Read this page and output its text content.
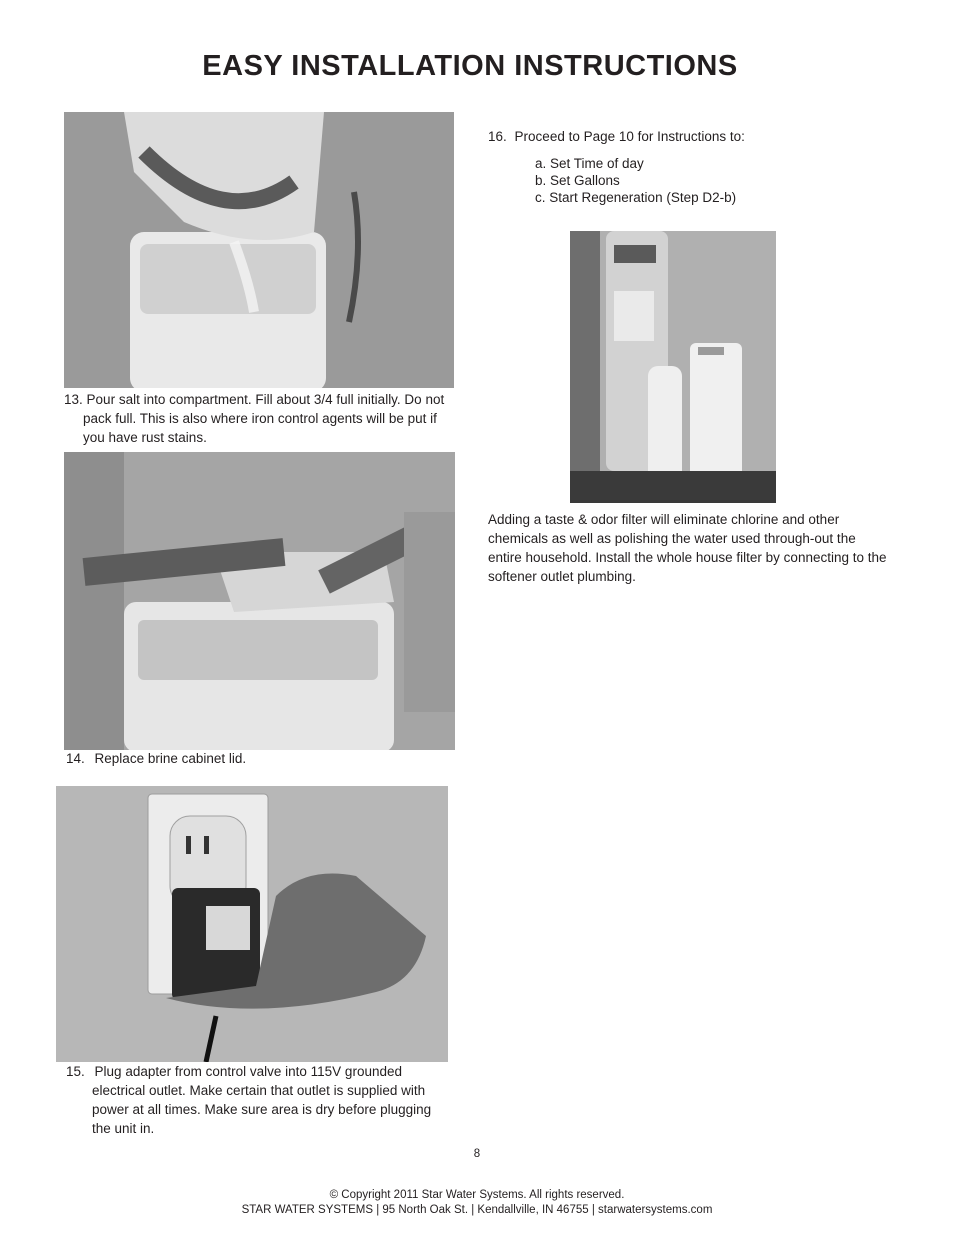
EASY INSTALLATION INSTRUCTIONS
13. Pour salt into compartment. Fill about 3/4 full initially. Do not pack full. This is also where iron control agents will be put if you have rust stains.
14. Replace brine cabinet lid.
15. Plug adapter from control valve into 115V grounded electrical outlet. Make certain that outlet is supplied with power at all times. Make sure area is dry before plugging the unit in.
16. Proceed to Page 10 for Instructions to:
a. Set Time of day
b. Set Gallons
c. Start Regeneration (Step D2-b)

Adding a taste & odor filter will eliminate chlorine and other chemicals as well as polishing the water used through-out the entire household. Install the whole house filter by connecting to the softener outlet plumbing.

8
© Copyright 2011 Star Water Systems. All rights reserved.
STAR WATER SYSTEMS | 95 North Oak St. | Kendallville, IN 46755 | starwatersystems.com
